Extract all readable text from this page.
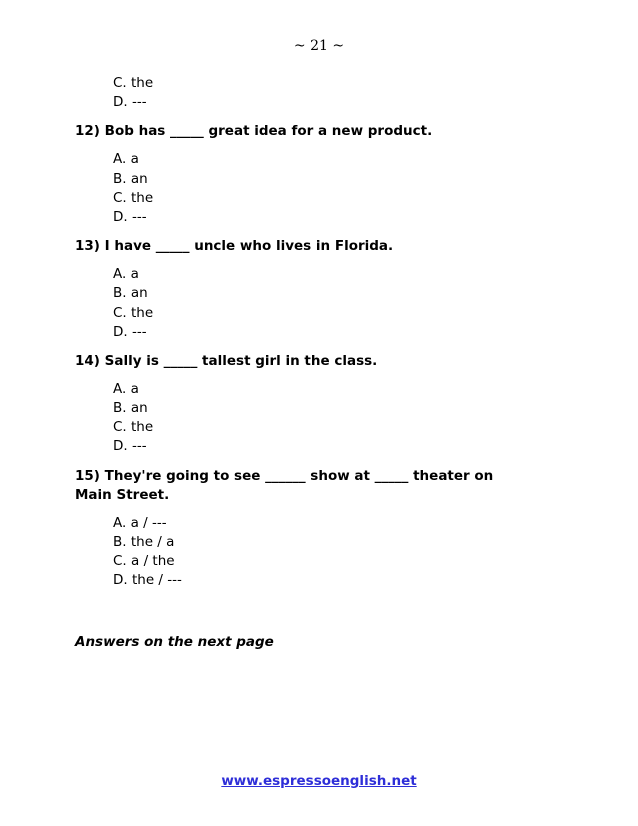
~ 21 ~
C. the
D. ---
12) Bob has _____ great idea for a new product.
A. a
B. an
C. the
D. ---
13) I have _____ uncle who lives in Florida.
A. a
B. an
C. the
D. ---
14) Sally is _____ tallest girl in the class.
A. a
B. an
C. the
D. ---
15) They're going to see ______ show at _____ theater on
Main Street.
A. a / ---
B. the / a
C. a / the
D. the / ---
Answers on the next page
www.espressoenglish.net
